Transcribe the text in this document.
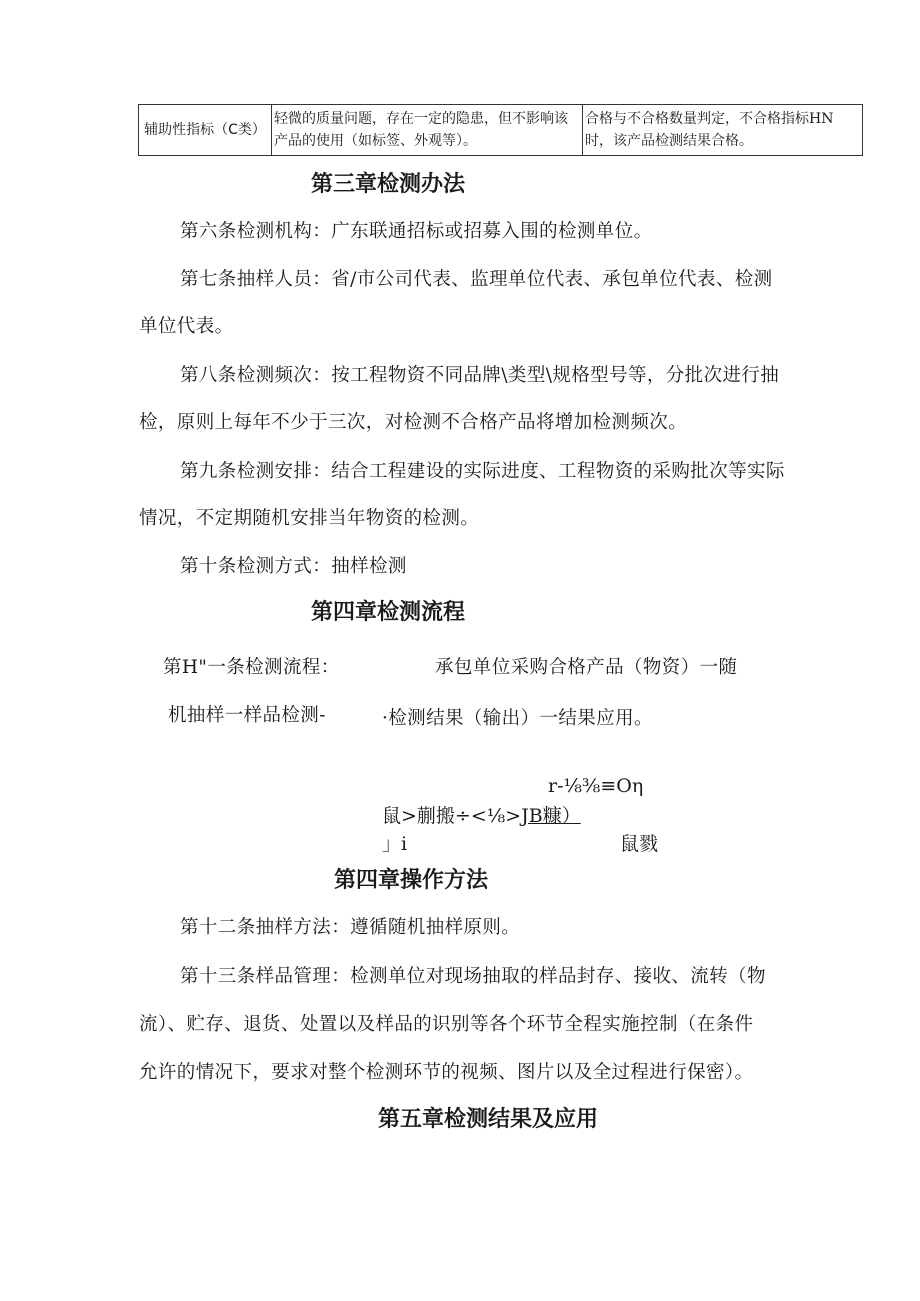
辅助性指标（C类）	轻微的质量问题，存在一定的隐患，但不影响该产品的使用（如标签、外观等）。	合格与不合格数量判定，不合格指标HN时，该产品检测结果合格。
第三章检测办法
第六条检测机构：广东联通招标或招募入围的检测单位。
第七条抽样人员：省/市公司代表、监理单位代表、承包单位代表、检测
单位代表。
第八条检测频次：按工程物资不同品牌\类型\规格型号等，分批次进行抽
检，原则上每年不少于三次，对检测不合格产品将增加检测频次。
第九条检测安排：结合工程建设的实际进度、工程物资的采购批次等实际
情况，不定期随机安排当年物资的检测。
第十条检测方式：抽样检测
第四章检测流程
第H"一条检测流程：	承包单位采购合格产品（物资）一随
机抽样一样品检测-	·检测结果（输出）一结果应用。
r-⅛⅜≡Oη
鼠>蒯搬÷<⅛>JB糠）
」i	鼠戮
第四章操作方法
第十二条抽样方法：遵循随机抽样原则。
第十三条样品管理：检测单位对现场抽取的样品封存、接收、流转（物
流）、贮存、退货、处置以及样品的识别等各个环节全程实施控制（在条件
允许的情况下，要求对整个检测环节的视频、图片以及全过程进行保密）。
第五章检测结果及应用
